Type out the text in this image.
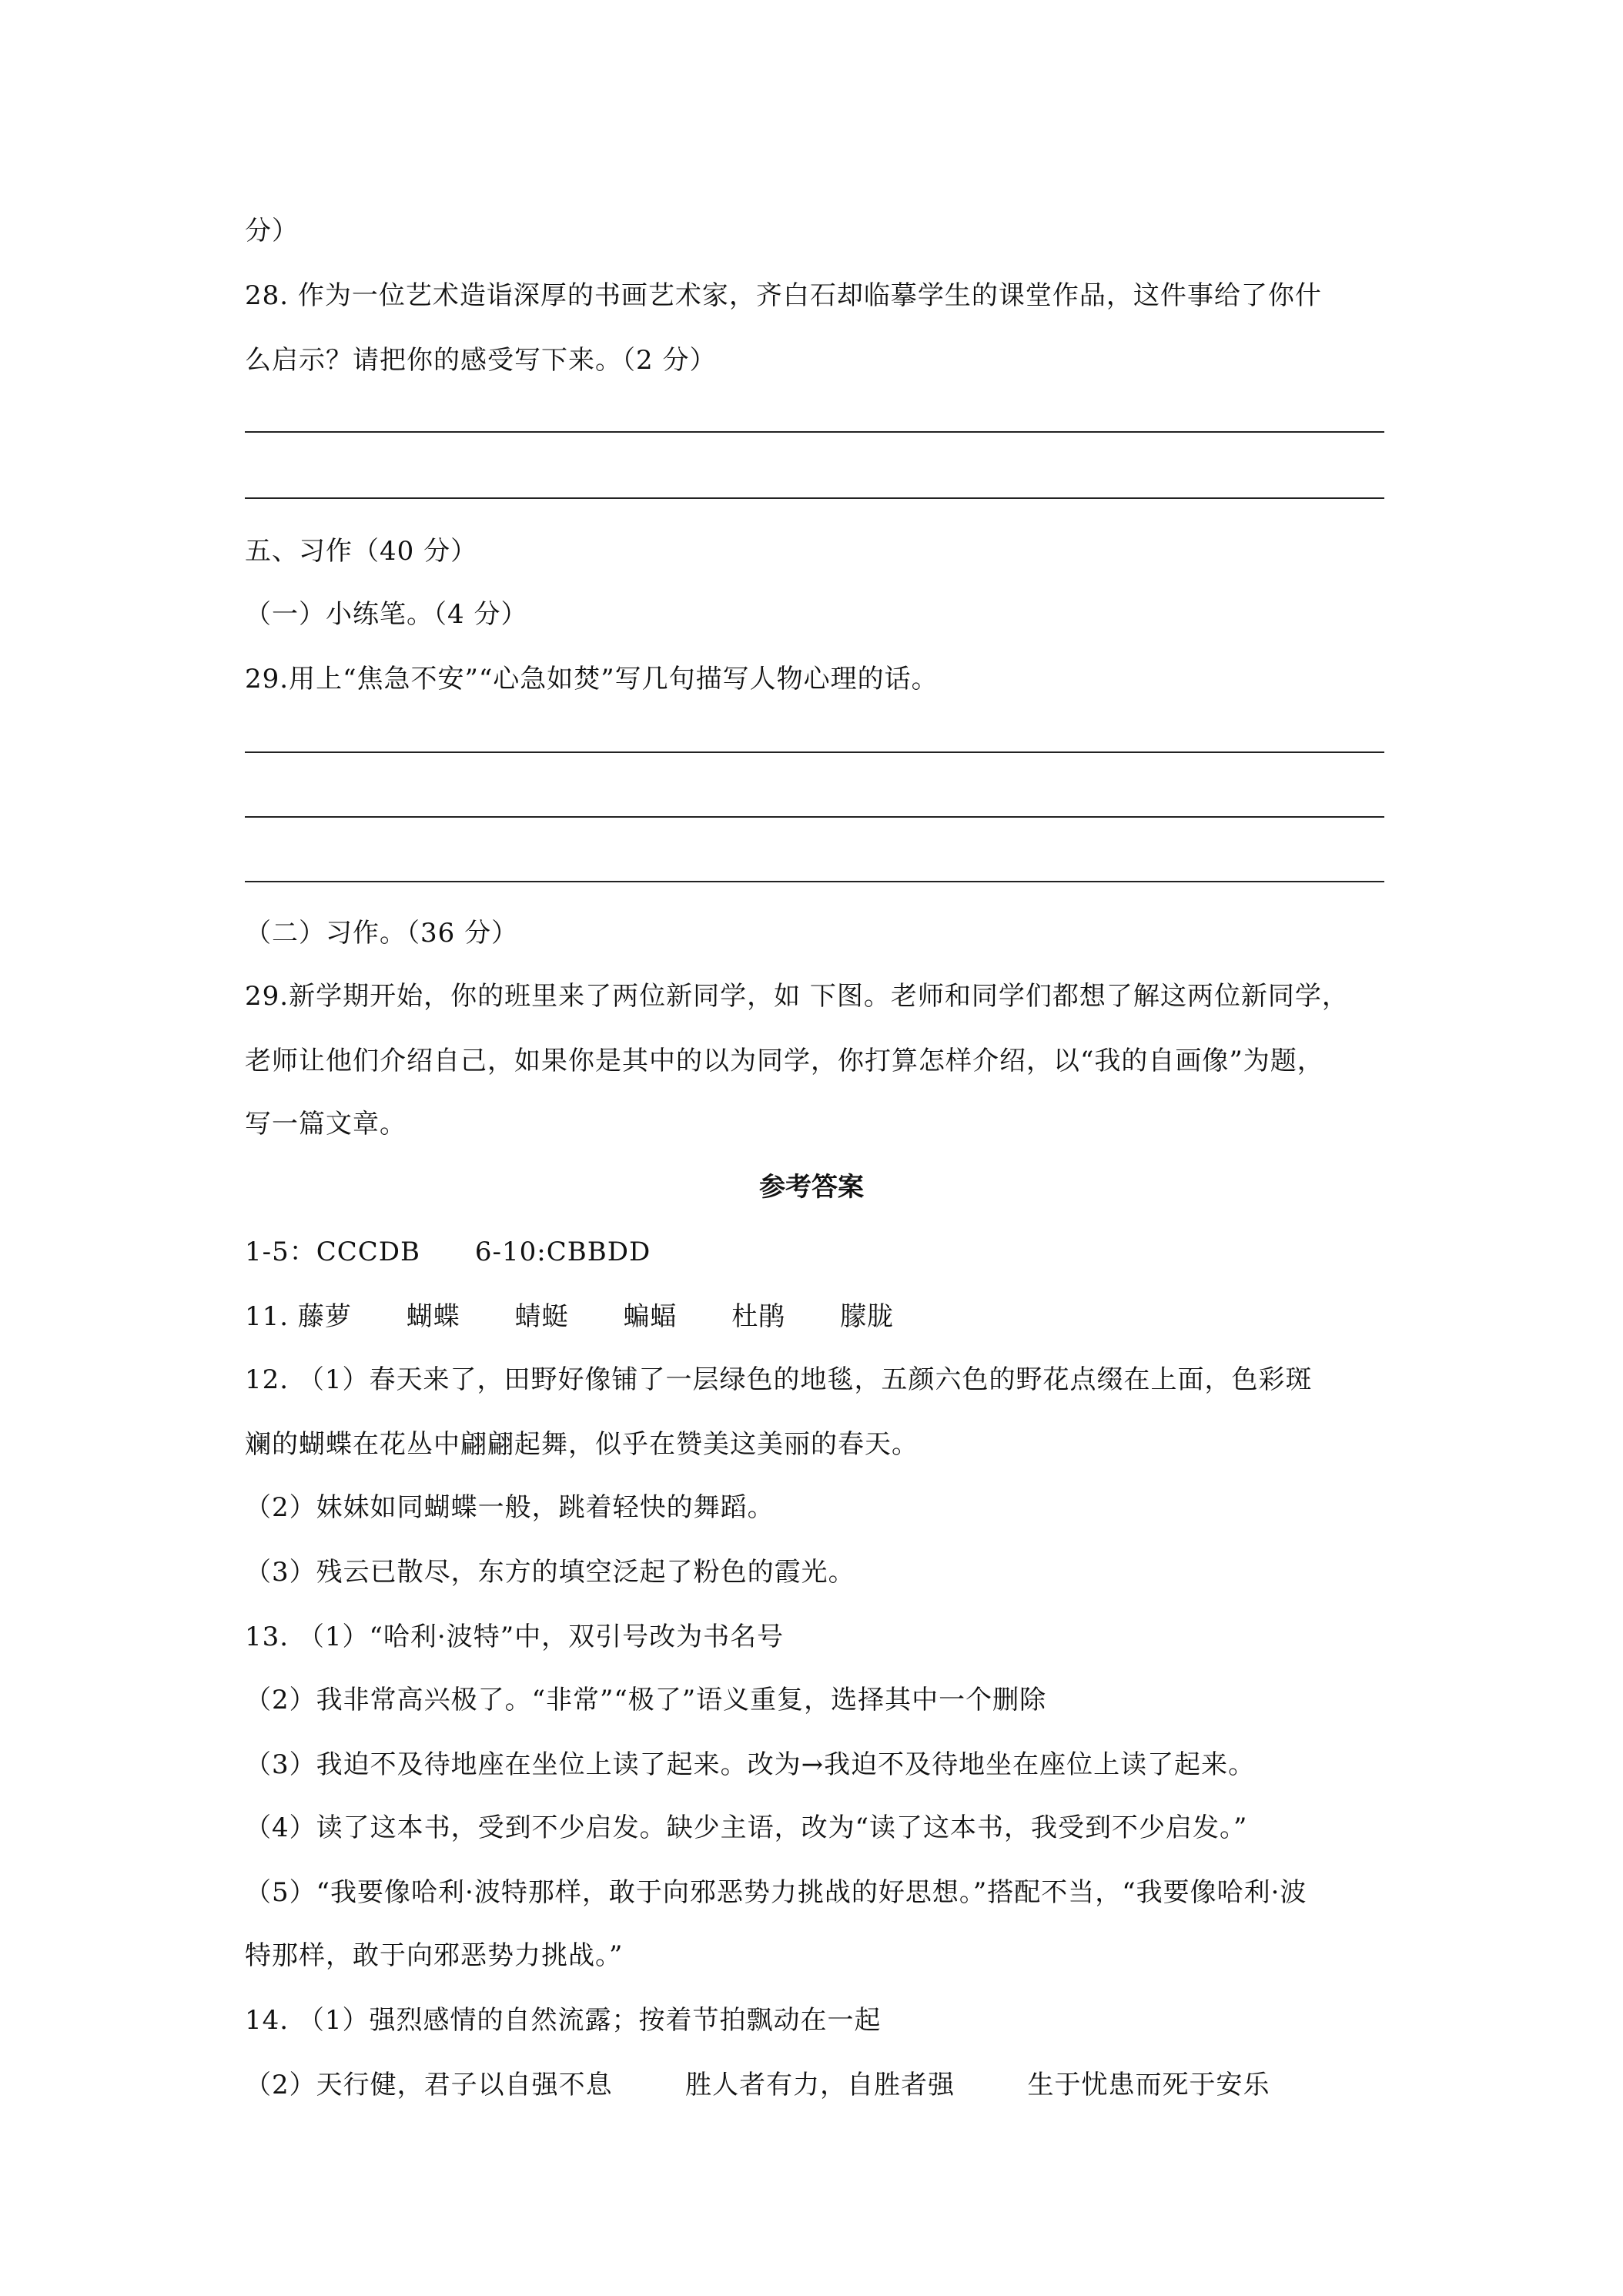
分）
28. 作为一位艺术造诣深厚的书画艺术家，齐白石却临摹学生的课堂作品，这件事给了你什
么启示？请把你的感受写下来。（2 分）
五、习作（40 分）
（一）小练笔。（4 分）
29.用上“焦急不安”“心急如焚”写几句描写人物心理的话。
（二）习作。（36 分）
29.新学期开始，你的班里来了两位新同学，如 下图。老师和同学们都想了解这两位新同学，
老师让他们介绍自己，如果你是其中的以为同学，你打算怎样介绍，以“我的自画像”为题，
写一篇文章。
参考答案
1-5：CCCDB      6-10:CBBDD
11. 藤萝      蝴蝶      蜻蜓      蝙蝠      杜鹃      朦胧
12. （1）春天来了，田野好像铺了一层绿色的地毯，五颜六色的野花点缀在上面，色彩斑
斓的蝴蝶在花丛中翩翩起舞，似乎在赞美这美丽的春天。
（2）妹妹如同蝴蝶一般，跳着轻快的舞蹈。
（3）残云已散尽，东方的填空泛起了粉色的霞光。
13. （1）“哈利·波特”中，双引号改为书名号
（2）我非常高兴极了。“非常”“极了”语义重复，选择其中一个删除
（3）我迫不及待地座在坐位上读了起来。改为→我迫不及待地坐在座位上读了起来。
（4）读了这本书，受到不少启发。缺少主语，改为“读了这本书，我受到不少启发。”
（5）“我要像哈利·波特那样，敢于向邪恶势力挑战的好思想。”搭配不当，“我要像哈利·波
特那样，敢于向邪恶势力挑战。”
14. （1）强烈感情的自然流露；按着节拍飘动在一起
（2）天行健，君子以自强不息        胜人者有力，自胜者强        生于忧患而死于安乐
